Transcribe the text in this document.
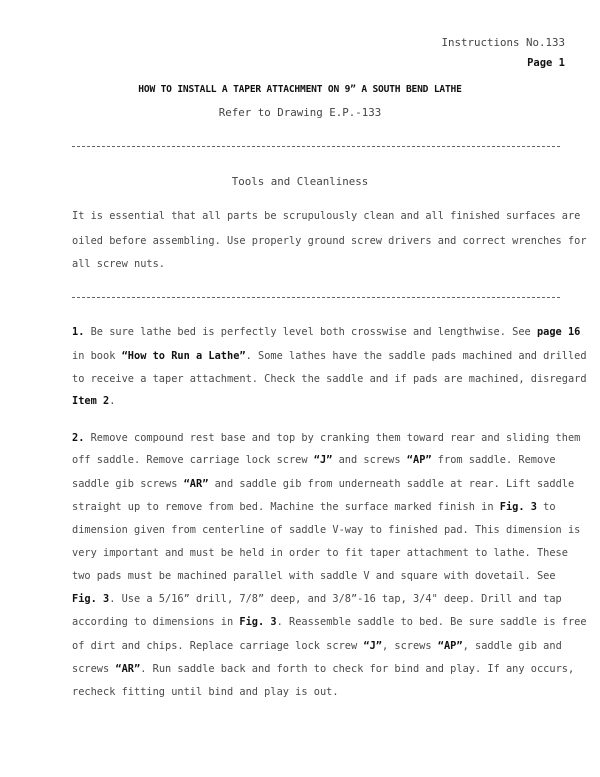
Instructions No.133
Page 1
HOW TO INSTALL A TAPER ATTACHMENT ON 9” A SOUTH BEND LATHE
Refer to Drawing E.P.-133
Tools and Cleanliness
It is essential that all parts be scrupulously clean and all finished surfaces are
oiled before assembling. Use properly ground screw drivers and correct wrenches for
all screw nuts.
1. Be sure lathe bed is perfectly level both crosswise and lengthwise. See page 16
in book “How to Run a Lathe”. Some lathes have the saddle pads machined and drilled
to receive a taper attachment. Check the saddle and if pads are machined, disregard
Item 2.
2. Remove compound rest base and top by cranking them toward rear and sliding them
off saddle. Remove carriage lock screw “J” and screws “AP” from saddle. Remove
saddle gib screws “AR” and saddle gib from underneath saddle at rear. Lift saddle
straight up to remove from bed. Machine the surface marked finish in Fig. 3 to
dimension given from centerline of saddle V-way to finished pad. This dimension is
very important and must be held in order to fit taper attachment to lathe. These
two pads must be machined parallel with saddle V and square with dovetail. See
Fig. 3. Use a 5/16” drill, 7/8” deep, and 3/8”-16 tap, 3/4" deep. Drill and tap
according to dimensions in Fig. 3. Reassemble saddle to bed. Be sure saddle is free
of dirt and chips. Replace carriage lock screw “J”, screws “AP”, saddle gib and
screws “AR”. Run saddle back and forth to check for bind and play. If any occurs,
recheck fitting until bind and play is out.
